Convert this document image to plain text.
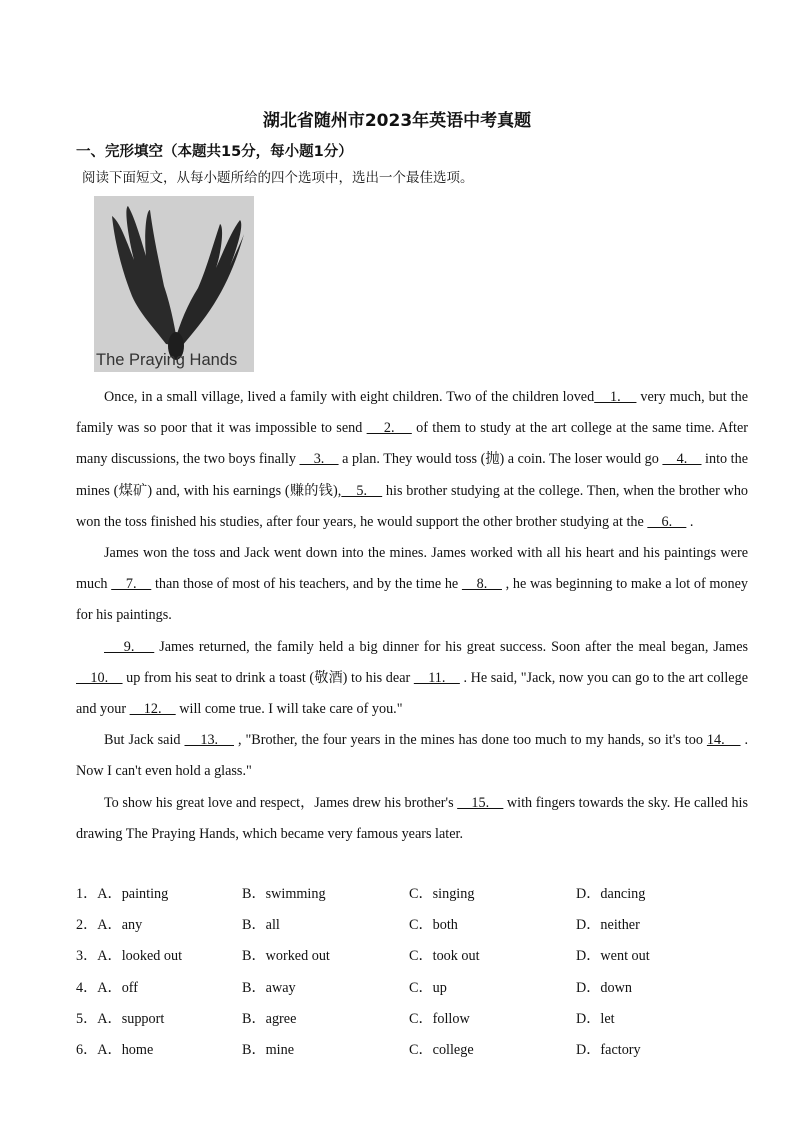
湖北省随州市2023年英语中考真题
一、完形填空（本题共15分，每小题1分）
阅读下面短文，从每小题所给的四个选项中，选出一个最佳选项。
The Praying Hands

Once, in a small village, lived a family with eight children. Two of the children loved    1.     very much, but the family was so poor that it was impossible to send     2.     of them to study at the art college at the same time. After many discussions, the two boys finally     3.     a plan. They would toss (抛) a coin. The loser would go     4.     into the mines (煤矿) and, with his earnings (赚的钱),    5.     his brother studying at the college. Then, when the brother who won the toss finished his studies, after four years, he would support the other brother studying at the     6.     .

James won the toss and Jack went down into the mines. James worked with all his heart and his paintings were much     7.     than those of most of his teachers, and by the time he     8.     , he was beginning to make a lot of money for his paintings.

9.     James returned, the family held a big dinner for his great success. Soon after the meal began, James     10.     up from his seat to drink a toast (敬酒) to his dear     11.     . He said, "Jack, now you can go to the art college and your     12.     will come true. I will take care of you."

But Jack said     13.     , "Brother, the four years in the mines has done too much to my hands, so it's too 14.     . Now I can't even hold a glass."

To show his great love and respect，James drew his brother's     15.     with fingers towards the sky. He called his drawing The Praying Hands, which became very famous years later.

1．A．painting	B．swimming	C．singing	D．dancing
2．A．any	B．all	C．both	D．neither
3．A．looked out	B．worked out	C．took out	D．went out
4．A．off	B．away	C．up	D．down
5．A．support	B．agree	C．follow	D．let
6．A．home	B．mine	C．college	D．factory
